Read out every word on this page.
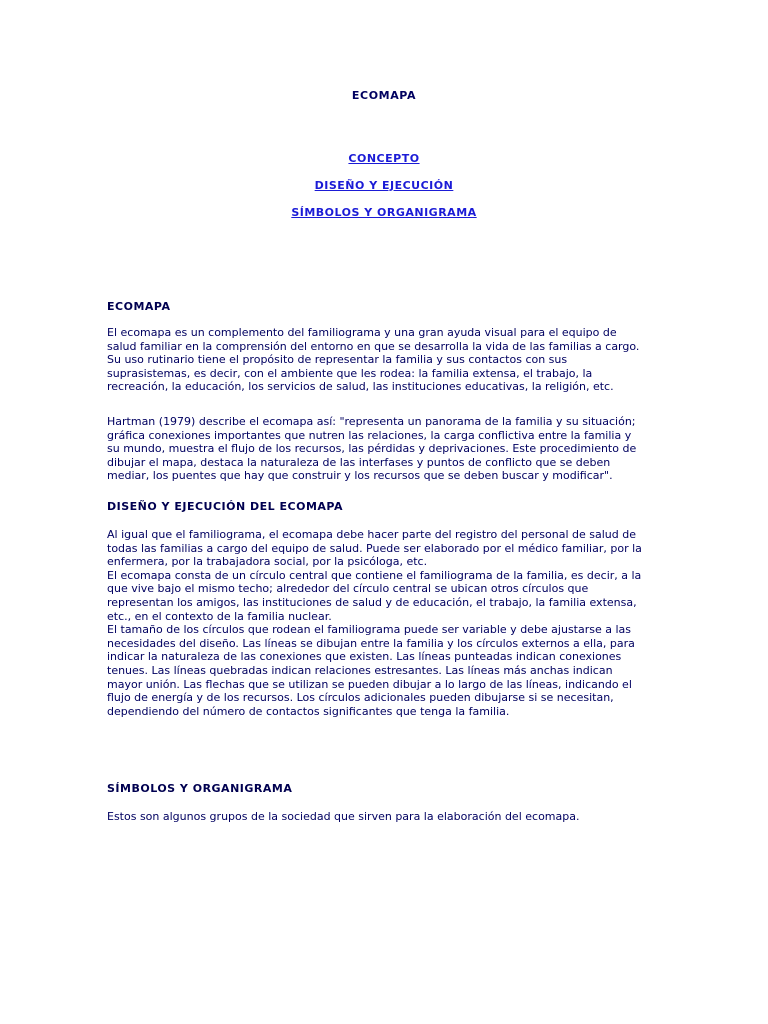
ECOMAPA
CONCEPTO
DISEÑO Y EJECUCIÓN
SÍMBOLOS Y ORGANIGRAMA
ECOMAPA
El ecomapa es un complemento del familiograma y una gran ayuda visual para el equipo de
salud familiar en la comprensión del entorno en que se desarrolla la vida de las familias a cargo.
Su uso rutinario tiene el propósito de representar la familia y sus contactos con sus
suprasistemas, es decir, con el ambiente que les rodea: la familia extensa, el trabajo, la
recreación, la educación, los servicios de salud, las instituciones educativas, la religión, etc.
Hartman (1979) describe el ecomapa así: "representa un panorama de la familia y su situación;
gráfica conexiones importantes que nutren las relaciones, la carga conflictiva entre la familia y
su mundo, muestra el flujo de los recursos, las pérdidas y deprivaciones. Este procedimiento de
dibujar el mapa, destaca la naturaleza de las interfases y puntos de conflicto que se deben
mediar, los puentes que hay que construir y los recursos que se deben buscar y modificar".
DISEÑO Y EJECUCIÓN DEL ECOMAPA
Al igual que el familiograma, el ecomapa debe hacer parte del registro del personal de salud de
todas las familias a cargo del equipo de salud. Puede ser elaborado por el médico familiar, por la
enfermera, por la trabajadora social, por la psicóloga, etc.
El ecomapa consta de un círculo central que contiene el familiograma de la familia, es decir, a la
que vive bajo el mismo techo; alrededor del círculo central se ubican otros círculos que
representan los amigos, las instituciones de salud y de educación, el trabajo, la familia extensa,
etc., en el contexto de la familia nuclear.
El tamaño de los círculos que rodean el familiograma puede ser variable y debe ajustarse a las
necesidades del diseño. Las líneas se dibujan entre la familia y los círculos externos a ella, para
indicar la naturaleza de las conexiones que existen. Las líneas punteadas indican conexiones
tenues. Las líneas quebradas indican relaciones estresantes. Las líneas más anchas indican
mayor unión. Las flechas que se utilizan se pueden dibujar a lo largo de las líneas, indicando el
flujo de energía y de los recursos. Los círculos adicionales pueden dibujarse si se necesitan,
dependiendo del número de contactos significantes que tenga la familia.
SÍMBOLOS Y ORGANIGRAMA
Estos son algunos grupos de la sociedad que sirven para la elaboración del ecomapa.
